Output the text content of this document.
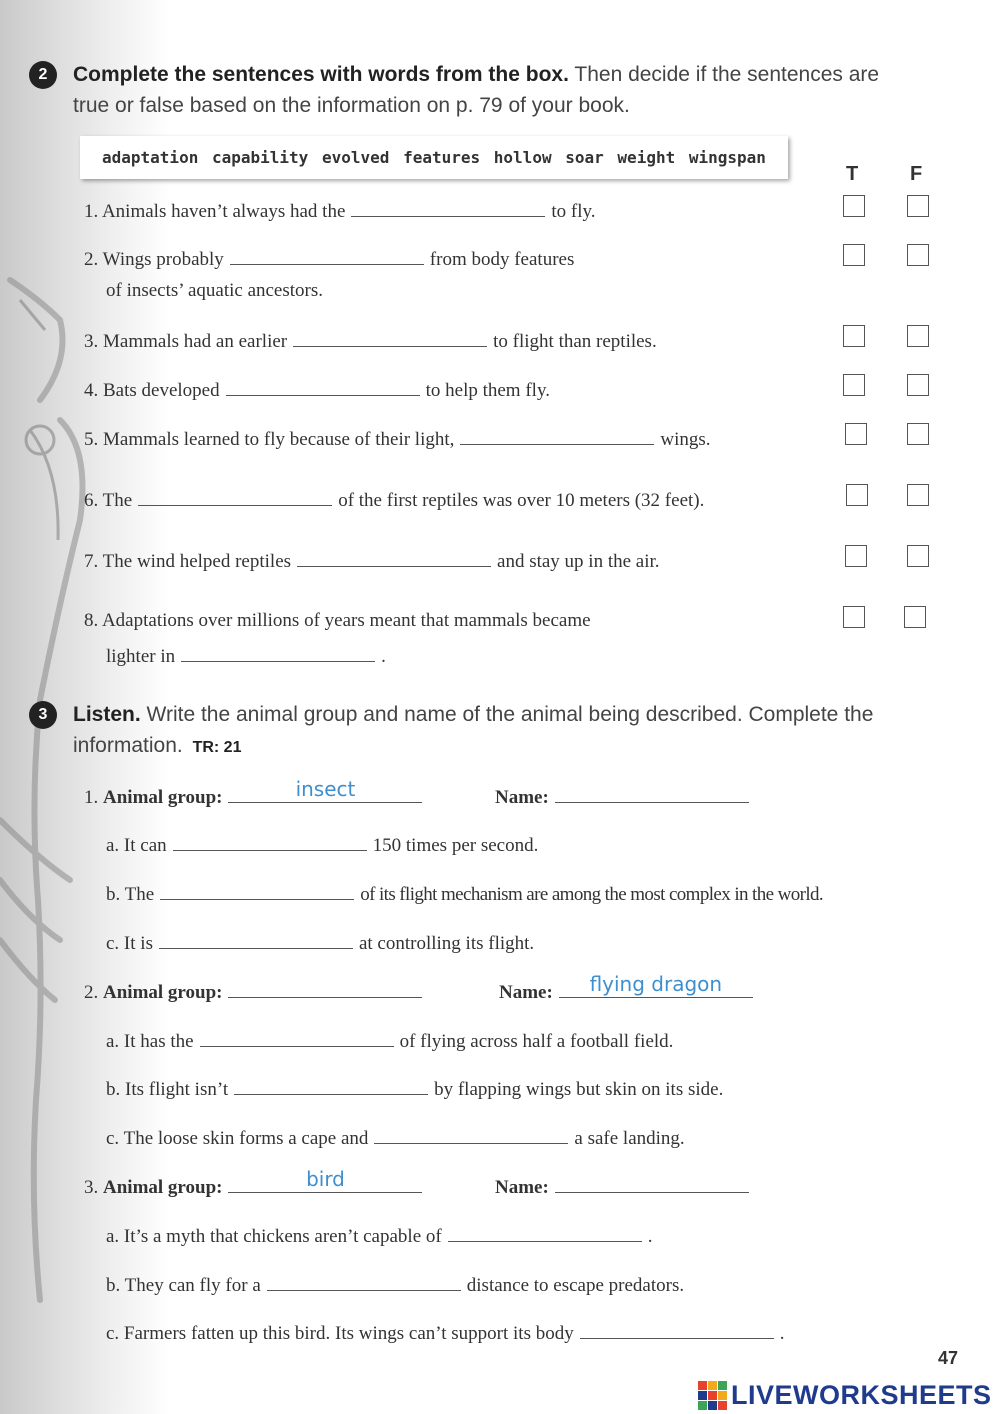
2	Complete the sentences with words from the box. Then decide if the sentences are
true or false based on the information on p. 79 of your book.
adaptation capability evolved features hollow soar weight wingspan
T	F
1. Animals haven’t always had the	to fly.
2. Wings probably	from body features
of insects’ aquatic ancestors.
3. Mammals had an earlier	to flight than reptiles.
4. Bats developed	to help them fly.
5. Mammals learned to fly because of their light,	wings.
6. The	of the first reptiles was over 10 meters (32 feet).
7. The wind helped reptiles	and stay up in the air.
8. Adaptations over millions of years meant that mammals became
lighter in	.
3	Listen. Write the animal group and name of the animal being described. Complete the
information. TR: 21
1. Animal group:	insect	Name:
a. It can	150 times per second.
b. The	of its flight mechanism are among the most complex in the world.
c. It is	at controlling its flight.
2. Animal group:	Name:	flying dragon
a. It has the	of flying across half a football field.
b. Its flight isn’t	by flapping wings but skin on its side.
c. The loose skin forms a cape and	a safe landing.
3. Animal group:	bird	Name:
a. It’s a myth that chickens aren’t capable of	.
b. They can fly for a	distance to escape predators.
c. Farmers fatten up this bird. Its wings can’t support its body	.
47
LIVEWORKSHEETS
